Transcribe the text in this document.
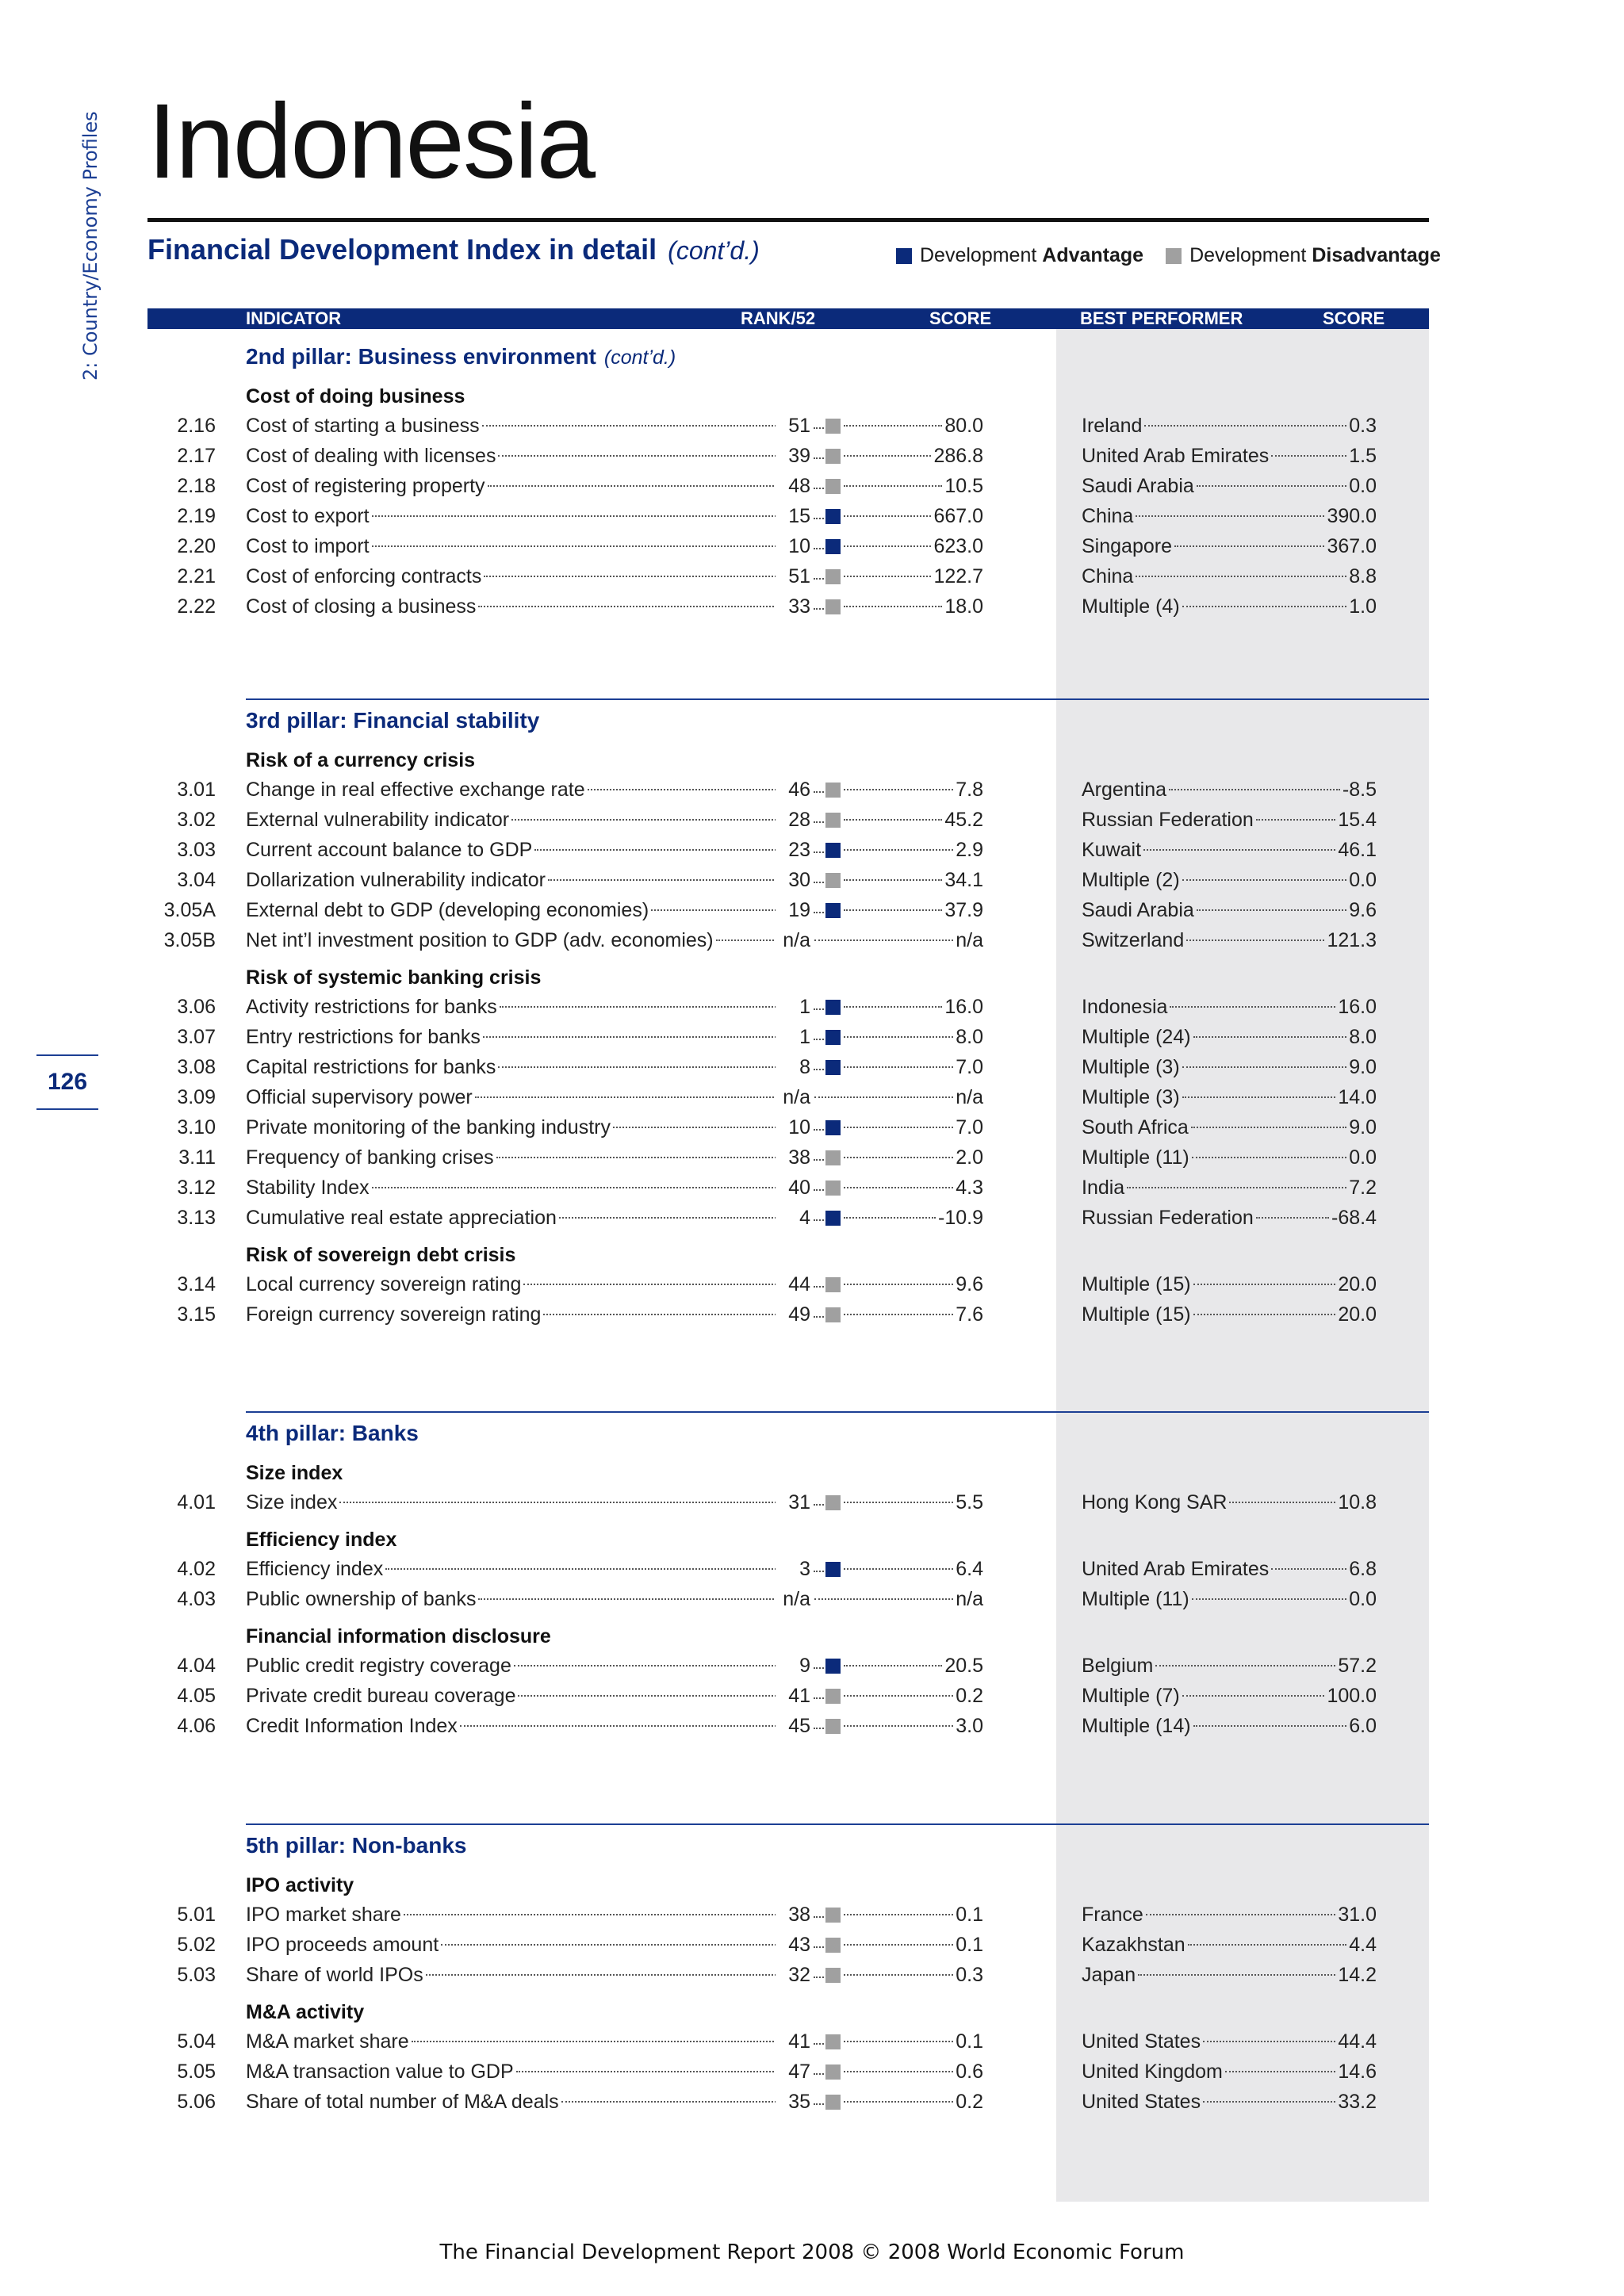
2: Country/Economy Profiles
126
Indonesia
Financial Development Index in detail (cont’d.)	Development Advantage Development Disadvantage
INDICATOR	RANK/52	SCORE	BEST PERFORMER	SCORE
2nd pillar: Business environment (cont’d.)
Cost of doing business
2.16 Cost of starting a business	51	80.0	Ireland	0.3
2.17 Cost of dealing with licenses	39	286.8	United Arab Emirates	1.5
2.18 Cost of registering property	48	10.5	Saudi Arabia	0.0
2.19 Cost to export	15	667.0	China	390.0
2.20 Cost to import	10	623.0	Singapore	367.0
2.21 Cost of enforcing contracts	51	122.7	China	8.8
2.22 Cost of closing a business	33	18.0	Multiple (4)	1.0
3rd pillar: Financial stability
Risk of a currency crisis
3.01 Change in real effective exchange rate	46	7.8	Argentina	-8.5
3.02 External vulnerability indicator	28	45.2	Russian Federation	15.4
3.03 Current account balance to GDP	23	2.9	Kuwait	46.1
3.04 Dollarization vulnerability indicator	30	34.1	Multiple (2)	0.0
3.05A External debt to GDP (developing economies)	19	37.9	Saudi Arabia	9.6
3.05B Net int’l investment position to GDP (adv. economies)	n/a	n/a	Switzerland	121.3
Risk of systemic banking crisis
3.06 Activity restrictions for banks	1	16.0	Indonesia	16.0
3.07 Entry restrictions for banks	1	8.0	Multiple (24)	8.0
3.08 Capital restrictions for banks	8	7.0	Multiple (3)	9.0
3.09 Official supervisory power	n/a	n/a	Multiple (3)	14.0
3.10 Private monitoring of the banking industry	10	7.0	South Africa	9.0
3.11 Frequency of banking crises	38	2.0	Multiple (11)	0.0
3.12 Stability Index	40	4.3	India	7.2
3.13 Cumulative real estate appreciation	4	-10.9	Russian Federation	-68.4
Risk of sovereign debt crisis
3.14 Local currency sovereign rating	44	9.6	Multiple (15)	20.0
3.15 Foreign currency sovereign rating	49	7.6	Multiple (15)	20.0
4th pillar: Banks
Size index
4.01 Size index	31	5.5	Hong Kong SAR	10.8
Efficiency index
4.02 Efficiency index	3	6.4	United Arab Emirates	6.8
4.03 Public ownership of banks	n/a	n/a	Multiple (11)	0.0
Financial information disclosure
4.04 Public credit registry coverage	9	20.5	Belgium	57.2
4.05 Private credit bureau coverage	41	0.2	Multiple (7)	100.0
4.06 Credit Information Index	45	3.0	Multiple (14)	6.0
5th pillar: Non-banks
IPO activity
5.01 IPO market share	38	0.1	France	31.0
5.02 IPO proceeds amount	43	0.1	Kazakhstan	4.4
5.03 Share of world IPOs	32	0.3	Japan	14.2
M&A activity
5.04 M&A market share	41	0.1	United States	44.4
5.05 M&A transaction value to GDP	47	0.6	United Kingdom	14.6
5.06 Share of total number of M&A deals	35	0.2	United States	33.2
The Financial Development Report 2008 © 2008 World Economic Forum
